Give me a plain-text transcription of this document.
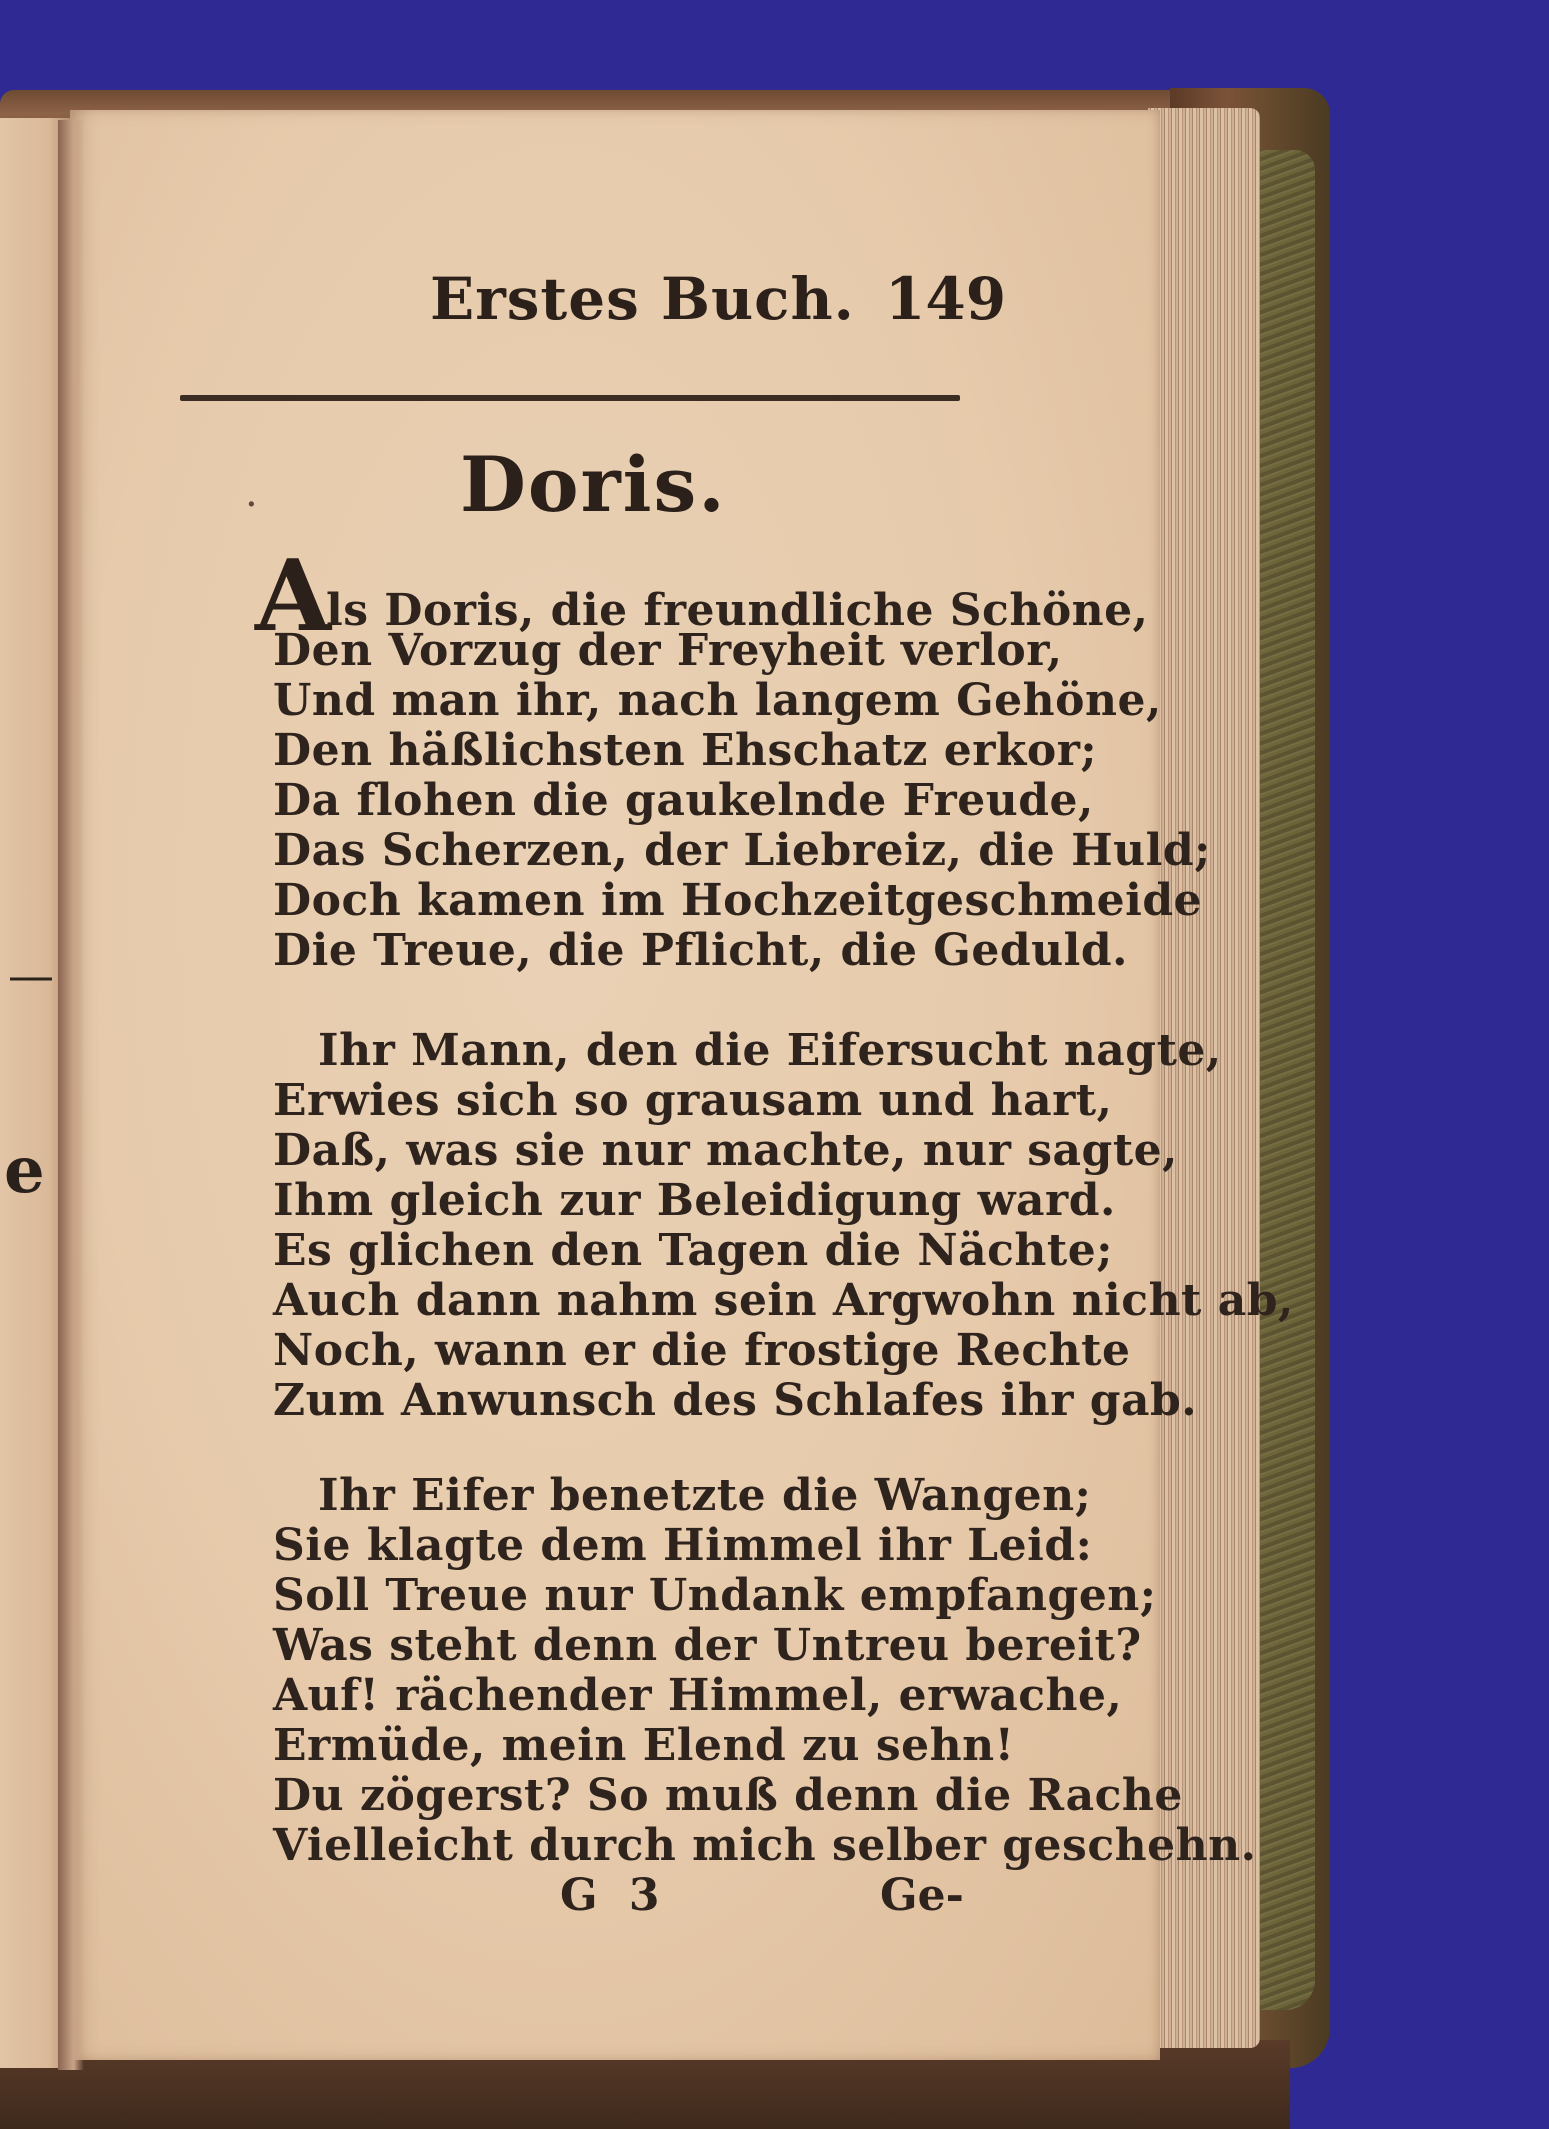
—
e
Erstes Buch. 149
.	Doris.
A
ls Doris, die freundliche Schöne,
Den Vorzug der Freyheit verlor,
Und man ihr, nach langem Gehöne,
Den häßlichsten Ehschatz erkor;
Da flohen die gaukelnde Freude,
Das Scherzen, der Liebreiz, die Huld;
Doch kamen im Hochzeitgeschmeide
Die Treue, die Pflicht, die Geduld.
Ihr Mann, den die Eifersucht nagte,
Erwies sich so grausam und hart,
Daß, was sie nur machte, nur sagte,
Ihm gleich zur Beleidigung ward.
Es glichen den Tagen die Nächte;
Auch dann nahm sein Argwohn nicht ab,
Noch, wann er die frostige Rechte
Zum Anwunsch des Schlafes ihr gab.
Ihr Eifer benetzte die Wangen;
Sie klagte dem Himmel ihr Leid:
Soll Treue nur Undank empfangen;
Was steht denn der Untreu bereit?
Auf! rächender Himmel, erwache,
Ermüde, mein Elend zu sehn!
Du zögerst? So muß denn die Rache
Vielleicht durch mich selber geschehn.
G 3	Ge-
